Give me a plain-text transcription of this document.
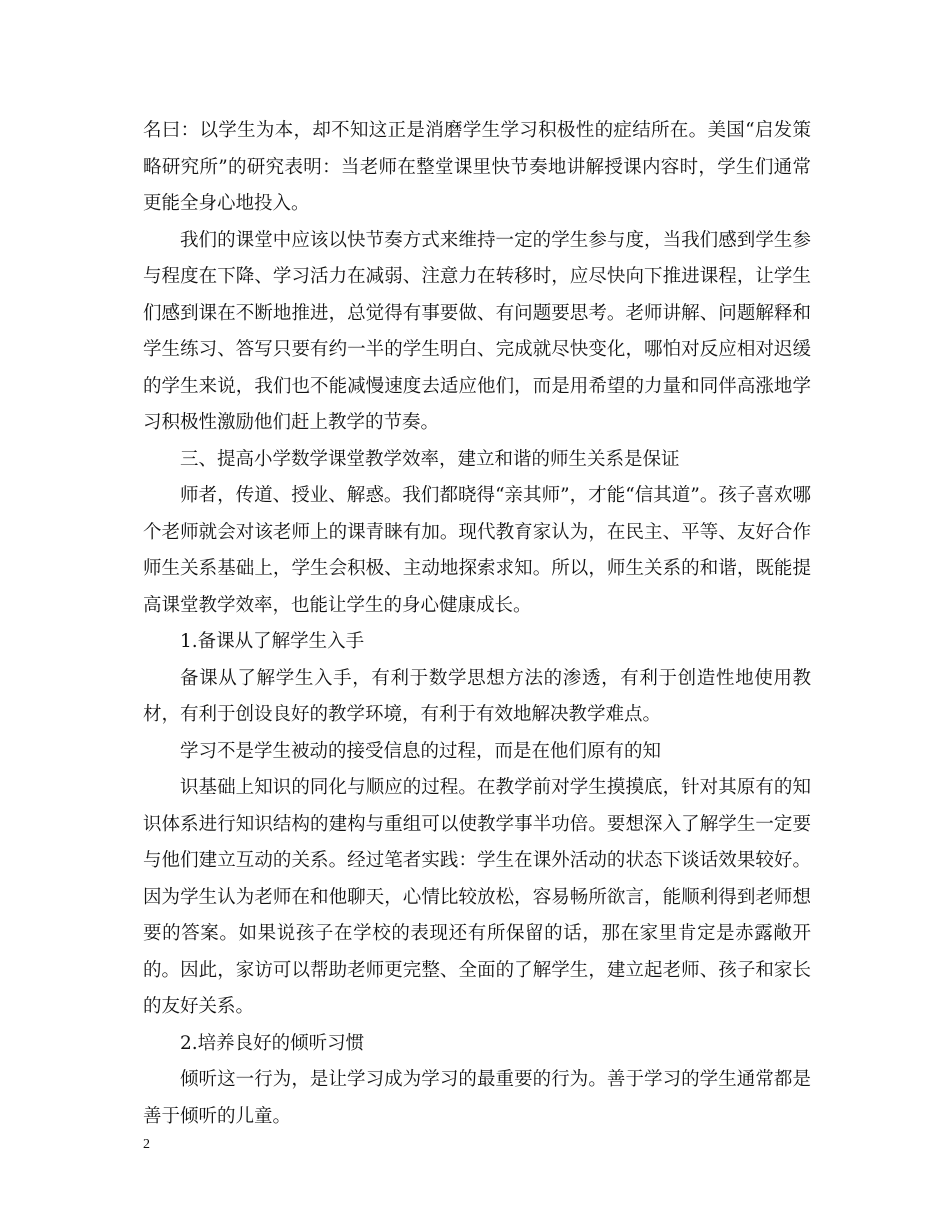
名曰：以学生为本，却不知这正是消磨学生学习积极性的症结所在。美国“启发策略研究所”的研究表明：当老师在整堂课里快节奏地讲解授课内容时，学生们通常更能全身心地投入。

我们的课堂中应该以快节奏方式来维持一定的学生参与度，当我们感到学生参与程度在下降、学习活力在减弱、注意力在转移时，应尽快向下推进课程，让学生们感到课在不断地推进，总觉得有事要做、有问题要思考。老师讲解、问题解释和学生练习、答写只要有约一半的学生明白、完成就尽快变化，哪怕对反应相对迟缓的学生来说，我们也不能减慢速度去适应他们，而是用希望的力量和同伴高涨地学习积极性激励他们赶上教学的节奏。

三、提高小学数学课堂教学效率，建立和谐的师生关系是保证

师者，传道、授业、解惑。我们都晓得“亲其师”，才能“信其道”。孩子喜欢哪个老师就会对该老师上的课青睐有加。现代教育家认为，在民主、平等、友好合作师生关系基础上，学生会积极、主动地探索求知。所以，师生关系的和谐，既能提高课堂教学效率，也能让学生的身心健康成长。

1.备课从了解学生入手

备课从了解学生入手，有利于数学思想方法的渗透，有利于创造性地使用教材，有利于创设良好的教学环境，有利于有效地解决教学难点。

学习不是学生被动的接受信息的过程，而是在他们原有的知

识基础上知识的同化与顺应的过程。在教学前对学生摸摸底，针对其原有的知识体系进行知识结构的建构与重组可以使教学事半功倍。要想深入了解学生一定要与他们建立互动的关系。经过笔者实践：学生在课外活动的状态下谈话效果较好。因为学生认为老师在和他聊天，心情比较放松，容易畅所欲言，能顺利得到老师想要的答案。如果说孩子在学校的表现还有所保留的话，那在家里肯定是赤露敞开的。因此，家访可以帮助老师更完整、全面的了解学生，建立起老师、孩子和家长的友好关系。

2.培养良好的倾听习惯

倾听这一行为，是让学习成为学习的最重要的行为。善于学习的学生通常都是善于倾听的儿童。

2
